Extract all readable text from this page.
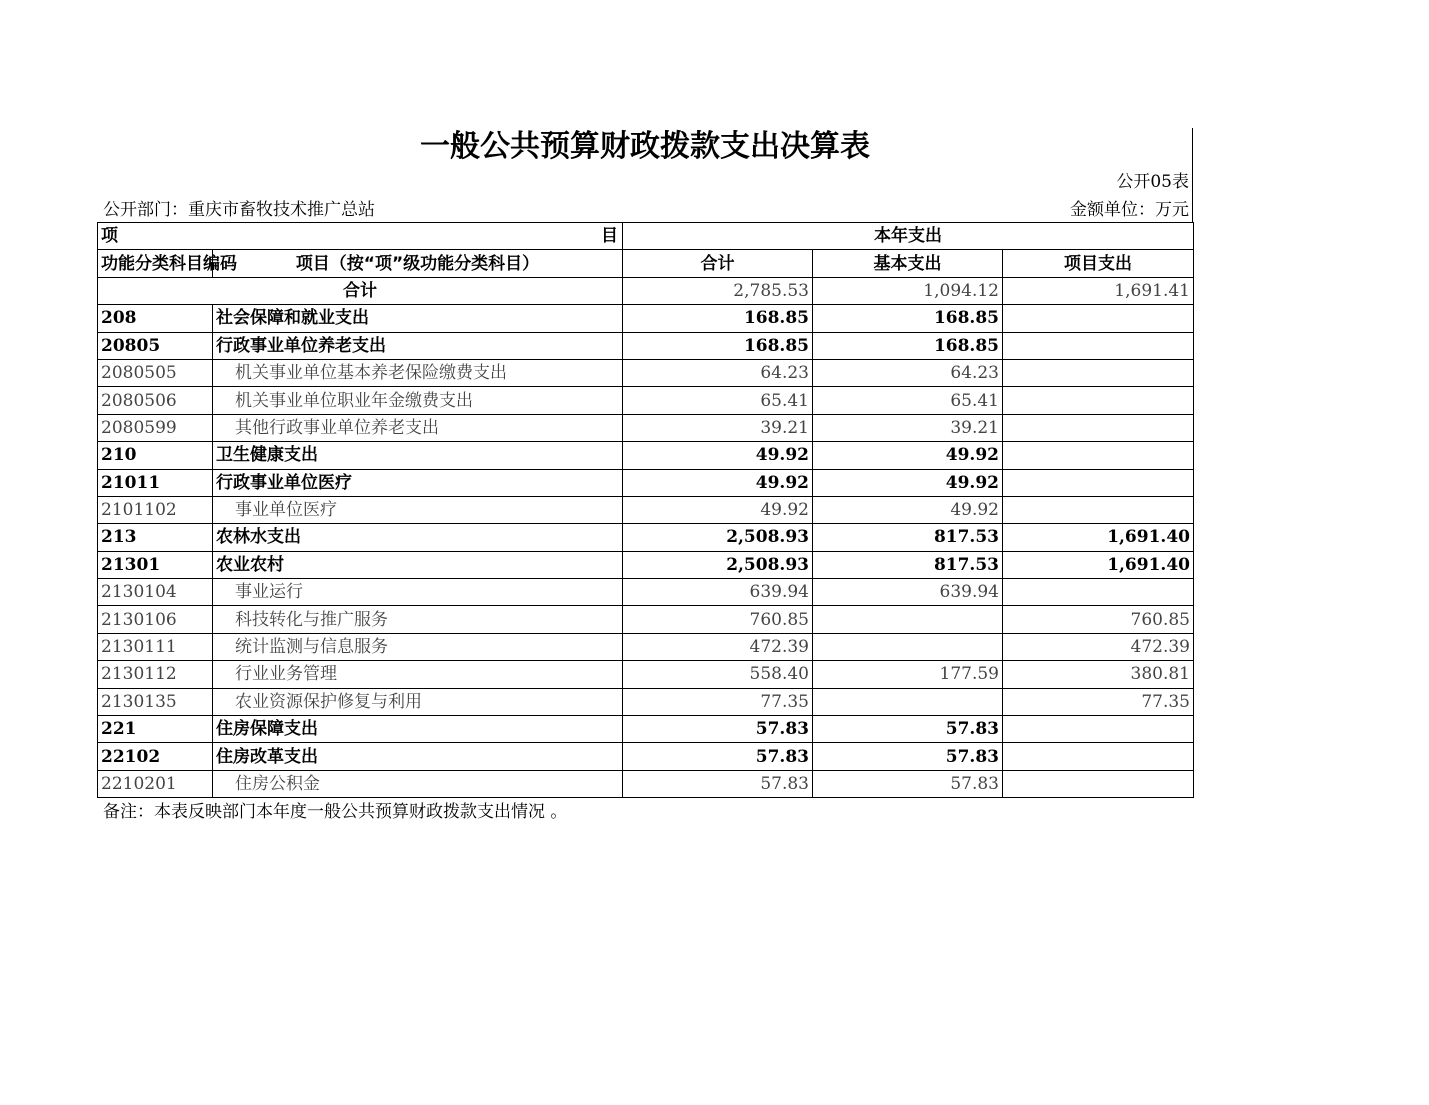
一般公共预算财政拨款支出决算表
公开05表
公开部门：重庆市畜牧技术推广总站	金额单位：万元
项 目		本年支出		
功能分类科目编码	项目（按“项”级功能分类科目）	合计	基本支出	项目支出
合计		2,785.53	1,094.12	1,691.41
208	社会保障和就业支出	168.85	168.85	
20805	行政事业单位养老支出	168.85	168.85	
2080505	机关事业单位基本养老保险缴费支出	64.23	64.23	
2080506	机关事业单位职业年金缴费支出	65.41	65.41	
2080599	其他行政事业单位养老支出	39.21	39.21	
210	卫生健康支出	49.92	49.92	
21011	行政事业单位医疗	49.92	49.92	
2101102	事业单位医疗	49.92	49.92	
213	农林水支出	2,508.93	817.53	1,691.40
21301	农业农村	2,508.93	817.53	1,691.40
2130104	事业运行	639.94	639.94	
2130106	科技转化与推广服务	760.85		760.85
2130111	统计监测与信息服务	472.39		472.39
2130112	行业业务管理	558.40	177.59	380.81
2130135	农业资源保护修复与利用	77.35		77.35
221	住房保障支出	57.83	57.83	
22102	住房改革支出	57.83	57.83	
2210201	住房公积金	57.83	57.83	
备注：本表反映部门本年度一般公共预算财政拨款支出情况 。
